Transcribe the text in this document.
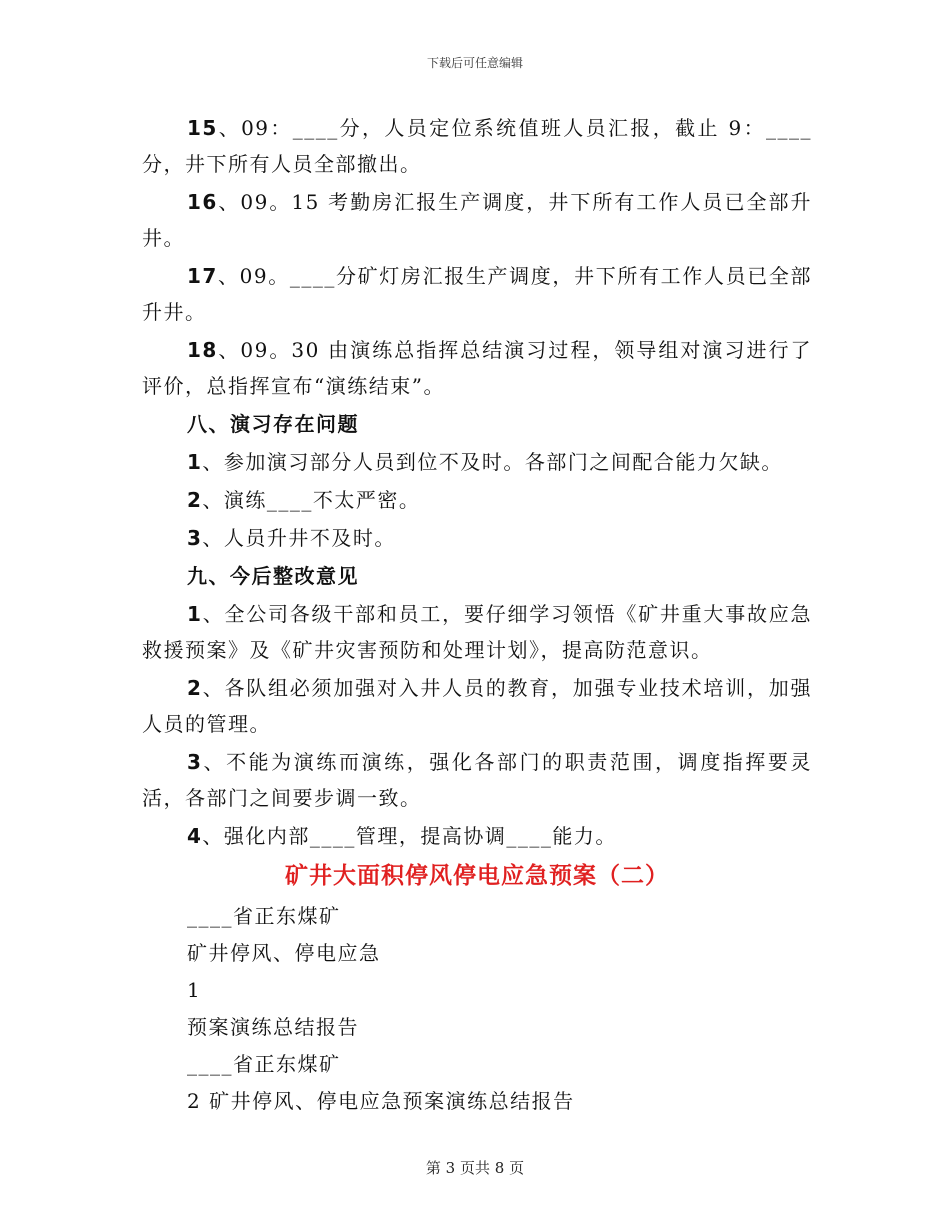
下载后可任意编辑

15、09：____分，人员定位系统值班人员汇报，截止 9：____分，井下所有人员全部撤出。

16、09。15 考勤房汇报生产调度，井下所有工作人员已全部升井。

17、09。____分矿灯房汇报生产调度，井下所有工作人员已全部升井。

18、09。30 由演练总指挥总结演习过程，领导组对演习进行了评价，总指挥宣布“演练结束”。

八、演习存在问题

1、参加演习部分人员到位不及时。各部门之间配合能力欠缺。

2、演练____不太严密。

3、人员升井不及时。

九、今后整改意见

1、全公司各级干部和员工，要仔细学习领悟《矿井重大事故应急救援预案》及《矿井灾害预防和处理计划》，提高防范意识。

2、各队组必须加强对入井人员的教育，加强专业技术培训，加强人员的管理。

3、不能为演练而演练，强化各部门的职责范围，调度指挥要灵活，各部门之间要步调一致。

4、强化内部____管理，提高协调____能力。

矿井大面积停风停电应急预案（二）

____省正东煤矿

矿井停风、停电应急

1

预案演练总结报告

____省正东煤矿

2 矿井停风、停电应急预案演练总结报告

第 3 页共 8 页
